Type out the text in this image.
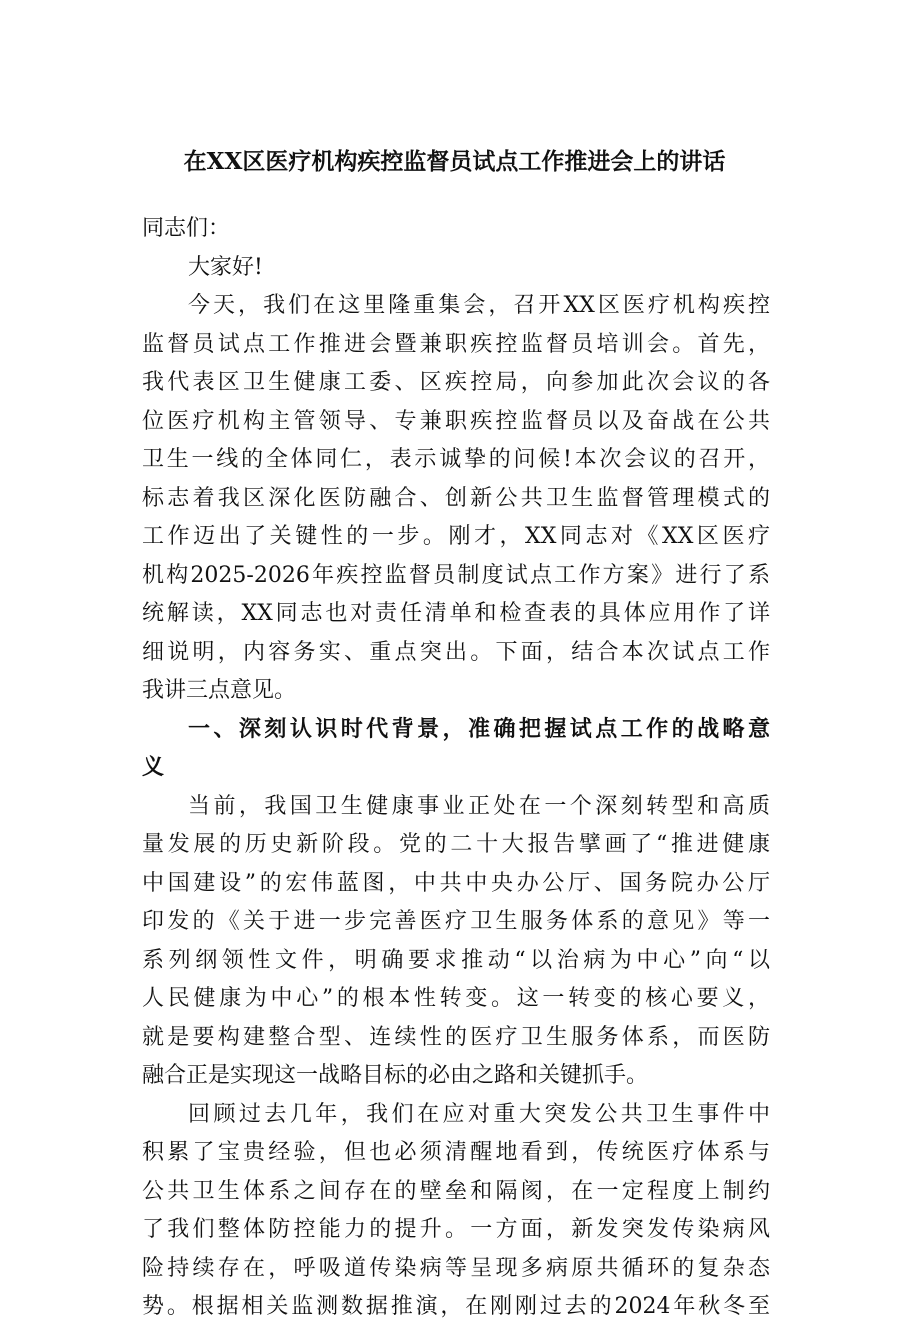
在XX区医疗机构疾控监督员试点工作推进会上的讲话
同志们：
大家好!
今天，我们在这里隆重集会，召开XX区医疗机构疾控
监督员试点工作推进会暨兼职疾控监督员培训会。首先，
我代表区卫生健康工委、区疾控局，向参加此次会议的各
位医疗机构主管领导、专兼职疾控监督员以及奋战在公共
卫生一线的全体同仁，表示诚挚的问候!本次会议的召开，
标志着我区深化医防融合、创新公共卫生监督管理模式的
工作迈出了关键性的一步。刚才，XX同志对《XX区医疗
机构2025-2026年疾控监督员制度试点工作方案》进行了系
统解读，XX同志也对责任清单和检查表的具体应用作了详
细说明，内容务实、重点突出。下面，结合本次试点工作
我讲三点意见。
一、深刻认识时代背景，准确把握试点工作的战略意
义
当前，我国卫生健康事业正处在一个深刻转型和高质
量发展的历史新阶段。党的二十大报告擘画了“推进健康
中国建设”的宏伟蓝图，中共中央办公厅、国务院办公厅
印发的《关于进一步完善医疗卫生服务体系的意见》等一
系列纲领性文件，明确要求推动“以治病为中心”向“以
人民健康为中心”的根本性转变。这一转变的核心要义，
就是要构建整合型、连续性的医疗卫生服务体系，而医防
融合正是实现这一战略目标的必由之路和关键抓手。
回顾过去几年，我们在应对重大突发公共卫生事件中
积累了宝贵经验，但也必须清醒地看到，传统医疗体系与
公共卫生体系之间存在的壁垒和隔阂，在一定程度上制约
了我们整体防控能力的提升。一方面，新发突发传染病风
险持续存在，呼吸道传染病等呈现多病原共循环的复杂态
势。根据相关监测数据推演，在刚刚过去的2024年秋冬至
